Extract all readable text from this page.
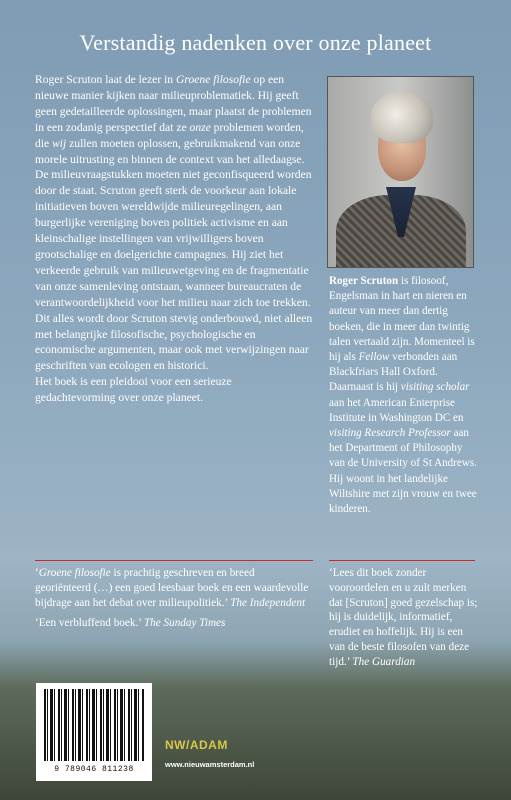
Verstandig nadenken over onze planeet

Roger Scruton laat de lezer in Groene filosofie op een nieuwe manier kijken naar milieuproblematiek. Hij geeft geen gedetailleerde oplossingen, maar plaatst de problemen in een zodanig perspectief dat ze onze problemen worden, die wij zullen moeten oplossen, gebruikmakend van onze morele uitrusting en binnen de context van het alledaagse.

De milieuvraagstukken moeten niet geconfisqueerd worden door de staat. Scruton geeft sterk de voorkeur aan lokale initiatieven boven wereldwijde milieuregelingen, aan burgerlijke vereniging boven politiek activisme en aan kleinschalige instellingen van vrijwilligers boven grootschalige en doelgerichte campagnes. Hij ziet het verkeerde gebruik van milieuwetgeving en de fragmentatie van onze samenleving ontstaan, wanneer bureaucraten de verantwoordelijkheid voor het milieu naar zich toe trekken. Dit alles wordt door Scruton stevig onderbouwd, niet alleen met belangrijke filosofische, psychologische en economische argumenten, maar ook met verwijzingen naar geschriften van ecologen en historici.

Het boek is een pleidooi voor een serieuze gedachtevorming over onze planeet.

Roger Scruton is filosoof, Engelsman in hart en nieren en auteur van meer dan dertig boeken, die in meer dan twintig talen vertaald zijn. Momenteel is hij als Fellow verbonden aan Blackfriars Hall Oxford. Daarnaast is hij visiting scholar aan het American Enterprise Institute in Washington DC en visiting Research Professor aan het Department of Philosophy van de University of St Andrews. Hij woont in het landelijke Wiltshire met zijn vrouw en twee kinderen.

‘Groene filosofie is prachtig geschreven en breed georiënteerd (…) een goed leesbaar boek en een waardevolle bijdrage aan het debat over milieupolitiek.’ The Independent

‘Een verbluffend boek.’ The Sunday Times

‘Lees dit boek zonder vooroordelen en u zult merken dat [Scruton] goed gezelschap is; hij is duidelijk, informatief, erudiet en hoffelijk. Hij is een van de beste filosofen van deze tijd.’ The Guardian

9 789046 811238
NW/ADAM
www.nieuwamsterdam.nl
